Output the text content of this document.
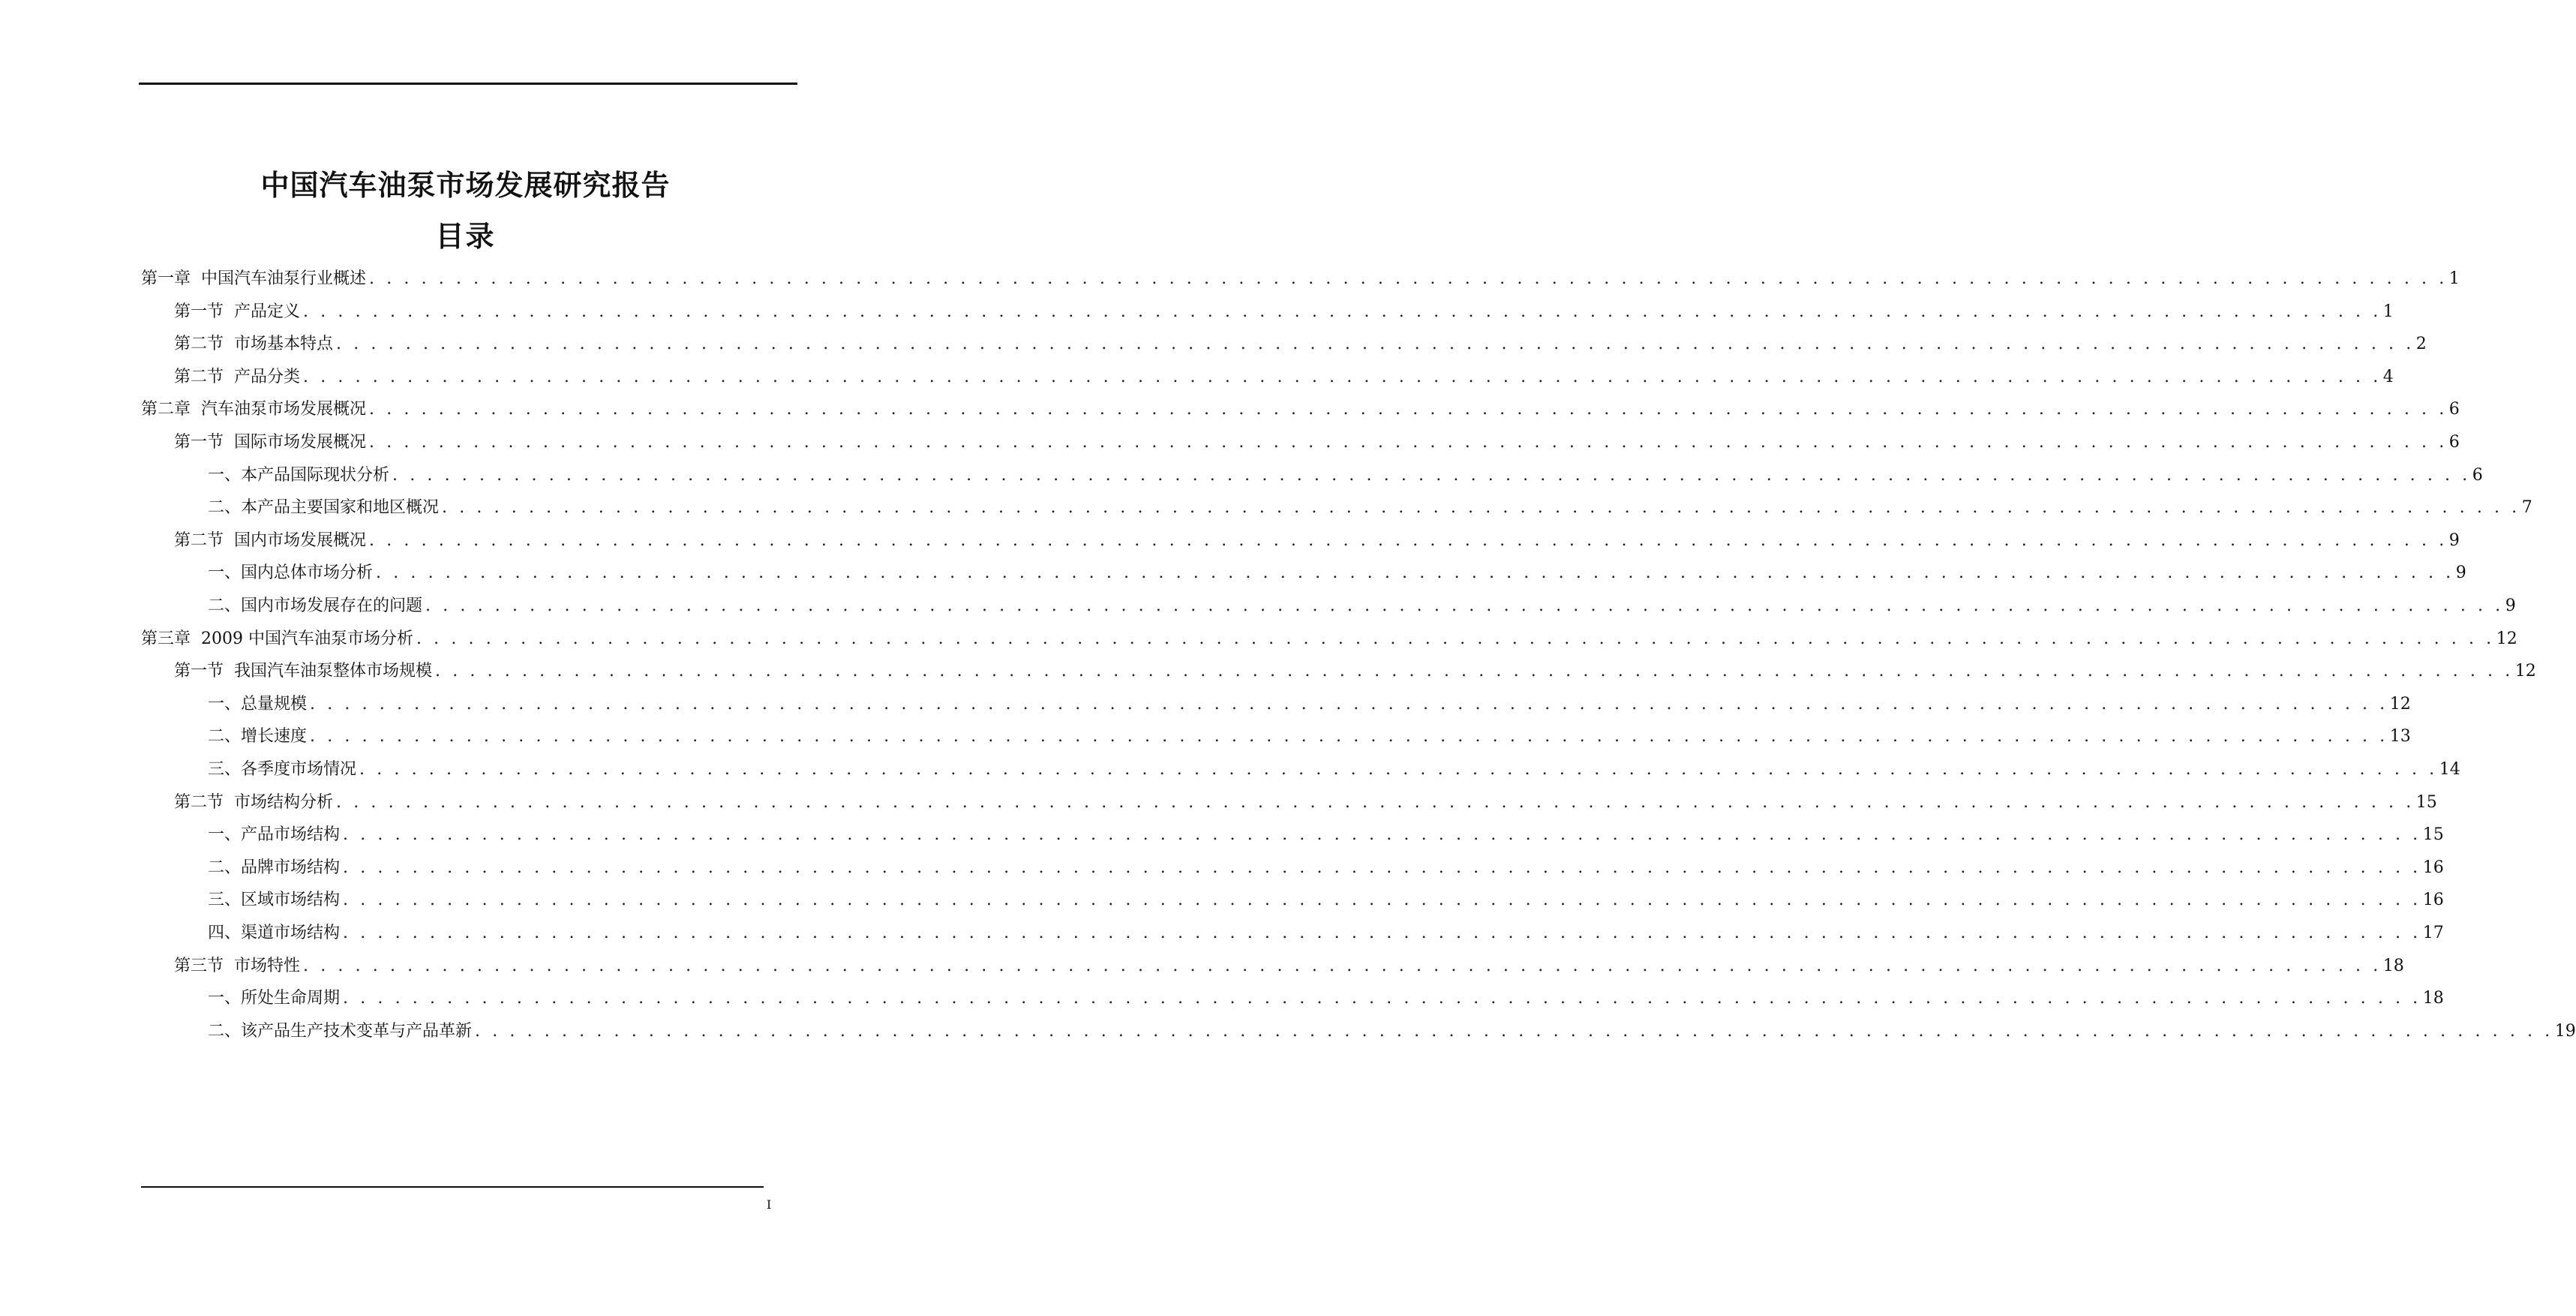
中国汽车油泵市场发展研究报告
目录
第一章 中国汽车油泵行业概述 . . . . . . . . . . . . . . . . . . . . . . . . . . . . . . . . . . . . . . . . . . . . . . . . . . . . . . . . . . . . . . . . . . . . . . . . . . . . . . . . . . . . . . . . . . . . . . . . . . . . . . . . . . . . . . . . . . . . . . . . 1
第一节 产品定义 . . . . . . . . . . . . . . . . . . . . . . . . . . . . . . . . . . . . . . . . . . . . . . . . . . . . . . . . . . . . . . . . . . . . . . . . . . . . . . . . . . . . . . . . . . . . . . . . . . . . . . . . . . . . . . . . . . . . . . . . 1
第二节 市场基本特点 . . . . . . . . . . . . . . . . . . . . . . . . . . . . . . . . . . . . . . . . . . . . . . . . . . . . . . . . . . . . . . . . . . . . . . . . . . . . . . . . . . . . . . . . . . . . . . . . . . . . . . . . . . . . . . . . . . . . . . . . 2
第二节 产品分类 . . . . . . . . . . . . . . . . . . . . . . . . . . . . . . . . . . . . . . . . . . . . . . . . . . . . . . . . . . . . . . . . . . . . . . . . . . . . . . . . . . . . . . . . . . . . . . . . . . . . . . . . . . . . . . . . . . . . . . . . 4
第二章 汽车油泵市场发展概况 . . . . . . . . . . . . . . . . . . . . . . . . . . . . . . . . . . . . . . . . . . . . . . . . . . . . . . . . . . . . . . . . . . . . . . . . . . . . . . . . . . . . . . . . . . . . . . . . . . . . . . . . . . . . . . . . . . . . . . . . 6
第一节 国际市场发展概况 . . . . . . . . . . . . . . . . . . . . . . . . . . . . . . . . . . . . . . . . . . . . . . . . . . . . . . . . . . . . . . . . . . . . . . . . . . . . . . . . . . . . . . . . . . . . . . . . . . . . . . . . . . . . . . . . . . . . . . . . 6
一、本产品国际现状分析 . . . . . . . . . . . . . . . . . . . . . . . . . . . . . . . . . . . . . . . . . . . . . . . . . . . . . . . . . . . . . . . . . . . . . . . . . . . . . . . . . . . . . . . . . . . . . . . . . . . . . . . . . . . . . . . . . . . . . . . . 6
二、本产品主要国家和地区概况 . . . . . . . . . . . . . . . . . . . . . . . . . . . . . . . . . . . . . . . . . . . . . . . . . . . . . . . . . . . . . . . . . . . . . . . . . . . . . . . . . . . . . . . . . . . . . . . . . . . . . . . . . . . . . . . . . . . . . . . . 7
第二节 国内市场发展概况 . . . . . . . . . . . . . . . . . . . . . . . . . . . . . . . . . . . . . . . . . . . . . . . . . . . . . . . . . . . . . . . . . . . . . . . . . . . . . . . . . . . . . . . . . . . . . . . . . . . . . . . . . . . . . . . . . . . . . . . . 9
一、国内总体市场分析 . . . . . . . . . . . . . . . . . . . . . . . . . . . . . . . . . . . . . . . . . . . . . . . . . . . . . . . . . . . . . . . . . . . . . . . . . . . . . . . . . . . . . . . . . . . . . . . . . . . . . . . . . . . . . . . . . . . . . . . . 9
二、国内市场发展存在的问题 . . . . . . . . . . . . . . . . . . . . . . . . . . . . . . . . . . . . . . . . . . . . . . . . . . . . . . . . . . . . . . . . . . . . . . . . . . . . . . . . . . . . . . . . . . . . . . . . . . . . . . . . . . . . . . . . . . . . . . . . 9
第三章 2009 中国汽车油泵市场分析 . . . . . . . . . . . . . . . . . . . . . . . . . . . . . . . . . . . . . . . . . . . . . . . . . . . . . . . . . . . . . . . . . . . . . . . . . . . . . . . . . . . . . . . . . . . . . . . . . . . . . . . . . . . . . . . . . . . . . . . . 12
第一节 我国汽车油泵整体市场规模 . . . . . . . . . . . . . . . . . . . . . . . . . . . . . . . . . . . . . . . . . . . . . . . . . . . . . . . . . . . . . . . . . . . . . . . . . . . . . . . . . . . . . . . . . . . . . . . . . . . . . . . . . . . . . . . . . . . . . . . . 12
一、总量规模 . . . . . . . . . . . . . . . . . . . . . . . . . . . . . . . . . . . . . . . . . . . . . . . . . . . . . . . . . . . . . . . . . . . . . . . . . . . . . . . . . . . . . . . . . . . . . . . . . . . . . . . . . . . . . . . . . . . . . . . . 12
二、增长速度 . . . . . . . . . . . . . . . . . . . . . . . . . . . . . . . . . . . . . . . . . . . . . . . . . . . . . . . . . . . . . . . . . . . . . . . . . . . . . . . . . . . . . . . . . . . . . . . . . . . . . . . . . . . . . . . . . . . . . . . . 13
三、各季度市场情况 . . . . . . . . . . . . . . . . . . . . . . . . . . . . . . . . . . . . . . . . . . . . . . . . . . . . . . . . . . . . . . . . . . . . . . . . . . . . . . . . . . . . . . . . . . . . . . . . . . . . . . . . . . . . . . . . . . . . . . . . 14
第二节 市场结构分析 . . . . . . . . . . . . . . . . . . . . . . . . . . . . . . . . . . . . . . . . . . . . . . . . . . . . . . . . . . . . . . . . . . . . . . . . . . . . . . . . . . . . . . . . . . . . . . . . . . . . . . . . . . . . . . . . . . . . . . . . 15
一、产品市场结构 . . . . . . . . . . . . . . . . . . . . . . . . . . . . . . . . . . . . . . . . . . . . . . . . . . . . . . . . . . . . . . . . . . . . . . . . . . . . . . . . . . . . . . . . . . . . . . . . . . . . . . . . . . . . . . . . . . . . . . . . 15
二、品牌市场结构 . . . . . . . . . . . . . . . . . . . . . . . . . . . . . . . . . . . . . . . . . . . . . . . . . . . . . . . . . . . . . . . . . . . . . . . . . . . . . . . . . . . . . . . . . . . . . . . . . . . . . . . . . . . . . . . . . . . . . . . . 16
三、区域市场结构 . . . . . . . . . . . . . . . . . . . . . . . . . . . . . . . . . . . . . . . . . . . . . . . . . . . . . . . . . . . . . . . . . . . . . . . . . . . . . . . . . . . . . . . . . . . . . . . . . . . . . . . . . . . . . . . . . . . . . . . . 16
四、渠道市场结构 . . . . . . . . . . . . . . . . . . . . . . . . . . . . . . . . . . . . . . . . . . . . . . . . . . . . . . . . . . . . . . . . . . . . . . . . . . . . . . . . . . . . . . . . . . . . . . . . . . . . . . . . . . . . . . . . . . . . . . . . 17
第三节 市场特性 . . . . . . . . . . . . . . . . . . . . . . . . . . . . . . . . . . . . . . . . . . . . . . . . . . . . . . . . . . . . . . . . . . . . . . . . . . . . . . . . . . . . . . . . . . . . . . . . . . . . . . . . . . . . . . . . . . . . . . . . 18
一、所处生命周期 . . . . . . . . . . . . . . . . . . . . . . . . . . . . . . . . . . . . . . . . . . . . . . . . . . . . . . . . . . . . . . . . . . . . . . . . . . . . . . . . . . . . . . . . . . . . . . . . . . . . . . . . . . . . . . . . . . . . . . . . 18
二、该产品生产技术变革与产品革新 . . . . . . . . . . . . . . . . . . . . . . . . . . . . . . . . . . . . . . . . . . . . . . . . . . . . . . . . . . . . . . . . . . . . . . . . . . . . . . . . . . . . . . . . . . . . . . . . . . . . . . . . . . . . . . . . . . . . . . . . 19
I
